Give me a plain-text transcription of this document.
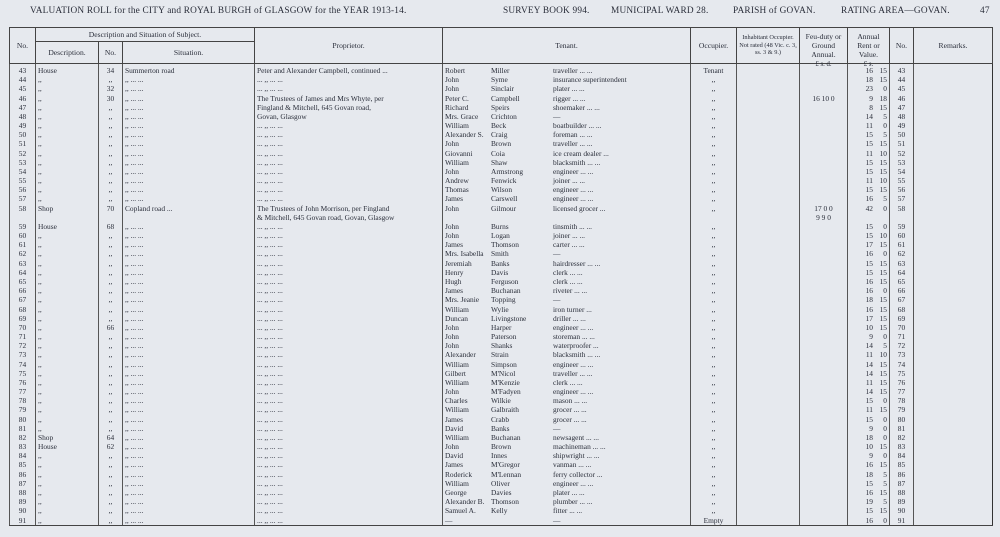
VALUATION ROLL for the CITY and ROYAL BURGH of GLASGOW for the YEAR 1913-14.	SURVEY BOOK 994. MUNICIPAL WARD 28.	PARISH of GOVAN.	RATING AREA—GOVAN.	47
No.	Description and Situation of Subject.			Proprietor.	Tenant.	Occupier.	Inhabitant Occupier. Not rated (48 Vic. c. 3, ss. 3 & 9.)	Feu-duty or Ground Annual.	Annual Rent or Value.	No.	Remarks.
	Description.	No.	Situation.								
								£ s. d.	£ s.		
43	House	34	Summerton road	Peter and Alexander Campbell, continued ...	Robert Miller traveller ... ...	Tenant			16 15	43	
44	,,	,,	,, ... ...	... ,, ... ...	John Syme insurance superintendent	,,			18 15	44	
45	,,	32	,, ... ...	... ,, ... ...	John Sinclair plater ... ...	,,			23 0	45	
46	,,	30	,, ... ...	The Trustees of James and Mrs Whyte, per	Peter C. Campbell rigger ... ...	,,		16 10 0	9 18	46	
47	,,	,,	,, ... ...	Fingland & Mitchell, 645 Govan road,	Richard Speirs shoemaker ... ...	,,			8 15	47	
48	,,	,,	,, ... ...	Govan, Glasgow	Mrs. Grace Crichton —	,,			14 5	48	
49	,,	,,	,, ... ...	... ,, ... ...	William Beck boatbuilder ... ...	,,			11 0	49	
50	,,	,,	,, ... ...	... ,, ... ...	Alexander S. Craig foreman ... ...	,,			15 5	50	
51	,,	,,	,, ... ...	... ,, ... ...	John Brown traveller ... ...	,,			15 15	51	
52	,,	,,	,, ... ...	... ,, ... ...	Giovanni Coia ice cream dealer ...	,,			11 10	52	
53	,,	,,	,, ... ...	... ,, ... ...	William Shaw blacksmith ... ...	,,			15 15	53	
54	,,	,,	,, ... ...	... ,, ... ...	John Armstrong engineer ... ...	,,			15 15	54	
55	,,	,,	,, ... ...	... ,, ... ...	Andrew Fenwick joiner ... ...	,,			11 10	55	
56	,,	,,	,, ... ...	... ,, ... ...	Thomas Wilson engineer ... ...	,,			15 15	56	
57	,,	,,	,, ... ...	... ,, ... ...	James Carswell engineer ... ...	,,			16 5	57	
58	Shop	70	Copland road ...	The Trustees of John Morrison, per Fingland	John Gilmour licensed grocer ...	,,		17 0 0	42 0	58	
				& Mitchell, 645 Govan road, Govan, Glasgow				9 9 0	

59	House	68	,, ... ...	... ,, ... ...	John Burns tinsmith ... ...	,,			15 0	59	
60	,,	,,	,, ... ...	... ,, ... ...	John Logan joiner ... ...	,,			15 10	60	
61	,,	,,	,, ... ...	... ,, ... ...	James Thomson carter ... ...	,,			17 15	61	
62	,,	,,	,, ... ...	... ,, ... ...	Mrs. Isabella Smith —	,,			16 0	62	
63	,,	,,	,, ... ...	... ,, ... ...	Jeremiah Banks hairdresser ... ...	,,			15 15	63	
64	,,	,,	,, ... ...	... ,, ... ...	Henry Davis clerk ... ...	,,			15 15	64	
65	,,	,,	,, ... ...	... ,, ... ...	Hugh Ferguson clerk ... ...	,,			16 15	65	
66	,,	,,	,, ... ...	... ,, ... ...	James Buchanan riveter ... ...	,,			16 0	66	
67	,,	,,	,, ... ...	... ,, ... ...	Mrs. Jeanie Topping —	,,			18 15	67	
68	,,	,,	,, ... ...	... ,, ... ...	William Wylie iron turner ...	,,			16 15	68	
69	,,	,,	,, ... ...	... ,, ... ...	Duncan Livingstone driller ... ...	,,			17 15	69	
70	,,	66	,, ... ...	... ,, ... ...	John Harper engineer ... ...	,,			10 15	70	
71	,,	,,	,, ... ...	... ,, ... ...	John Paterson storeman ... ...	,,			9 0	71	
72	,,	,,	,, ... ...	... ,, ... ...	John Shanks waterproofer ...	,,			14 5	72	
73	,,	,,	,, ... ...	... ,, ... ...	Alexander Strain blacksmith ... ...	,,			11 10	73	
74	,,	,,	,, ... ...	... ,, ... ...	William Simpson engineer ... ...	,,			14 15	74	
75	,,	,,	,, ... ...	... ,, ... ...	Gilbert M'Nicol traveller ... ...	,,			14 15	75	
76	,,	,,	,, ... ...	... ,, ... ...	William M'Kenzie clerk ... ...	,,			11 15	76	
77	,,	,,	,, ... ...	... ,, ... ...	John M'Fadyen engineer ... ...	,,			14 15	77	
78	,,	,,	,, ... ...	... ,, ... ...	Charles Wilkie mason ... ...	,,			15 0	78	
79	,,	,,	,, ... ...	... ,, ... ...	William Galbraith grocer ... ...	,,			11 15	79	
80	,,	,,	,, ... ...	... ,, ... ...	James Crabb grocer ... ...	,,			15 0	80	
81	,,	,,	,, ... ...	... ,, ... ...	David Banks —	,,			9 0	81	
82	Shop	64	,, ... ...	... ,, ... ...	William Buchanan newsagent ... ...	,,			18 0	82	
83	House	62	,, ... ...	... ,, ... ...	John Brown machineman ... ...	,,			10 15	83	
84	,,	,,	,, ... ...	... ,, ... ...	David Innes shipwright ... ...	,,			9 0	84	
85	,,	,,	,, ... ...	... ,, ... ...	James M'Gregor vanman ... ...	,,			16 15	85	
86	,,	,,	,, ... ...	... ,, ... ...	Roderick M'Lennan ferry collector ...	,,			18 5	86	
87	,,	,,	,, ... ...	... ,, ... ...	William Oliver engineer ... ...	,,			15 5	87	
88	,,	,,	,, ... ...	... ,, ... ...	George Davies plater ... ...	,,			16 15	88	
89	,,	,,	,, ... ...	... ,, ... ...	Alexander B. Thomson plumber ... ...	,,			19 5	89	
90	,,	,,	,, ... ...	... ,, ... ...	Samuel A. Kelly fitter ... ...	,,			15 15	90	
91	,,	,,	,, ... ...	... ,, ... ...	— —	Empty			16 0	91	
